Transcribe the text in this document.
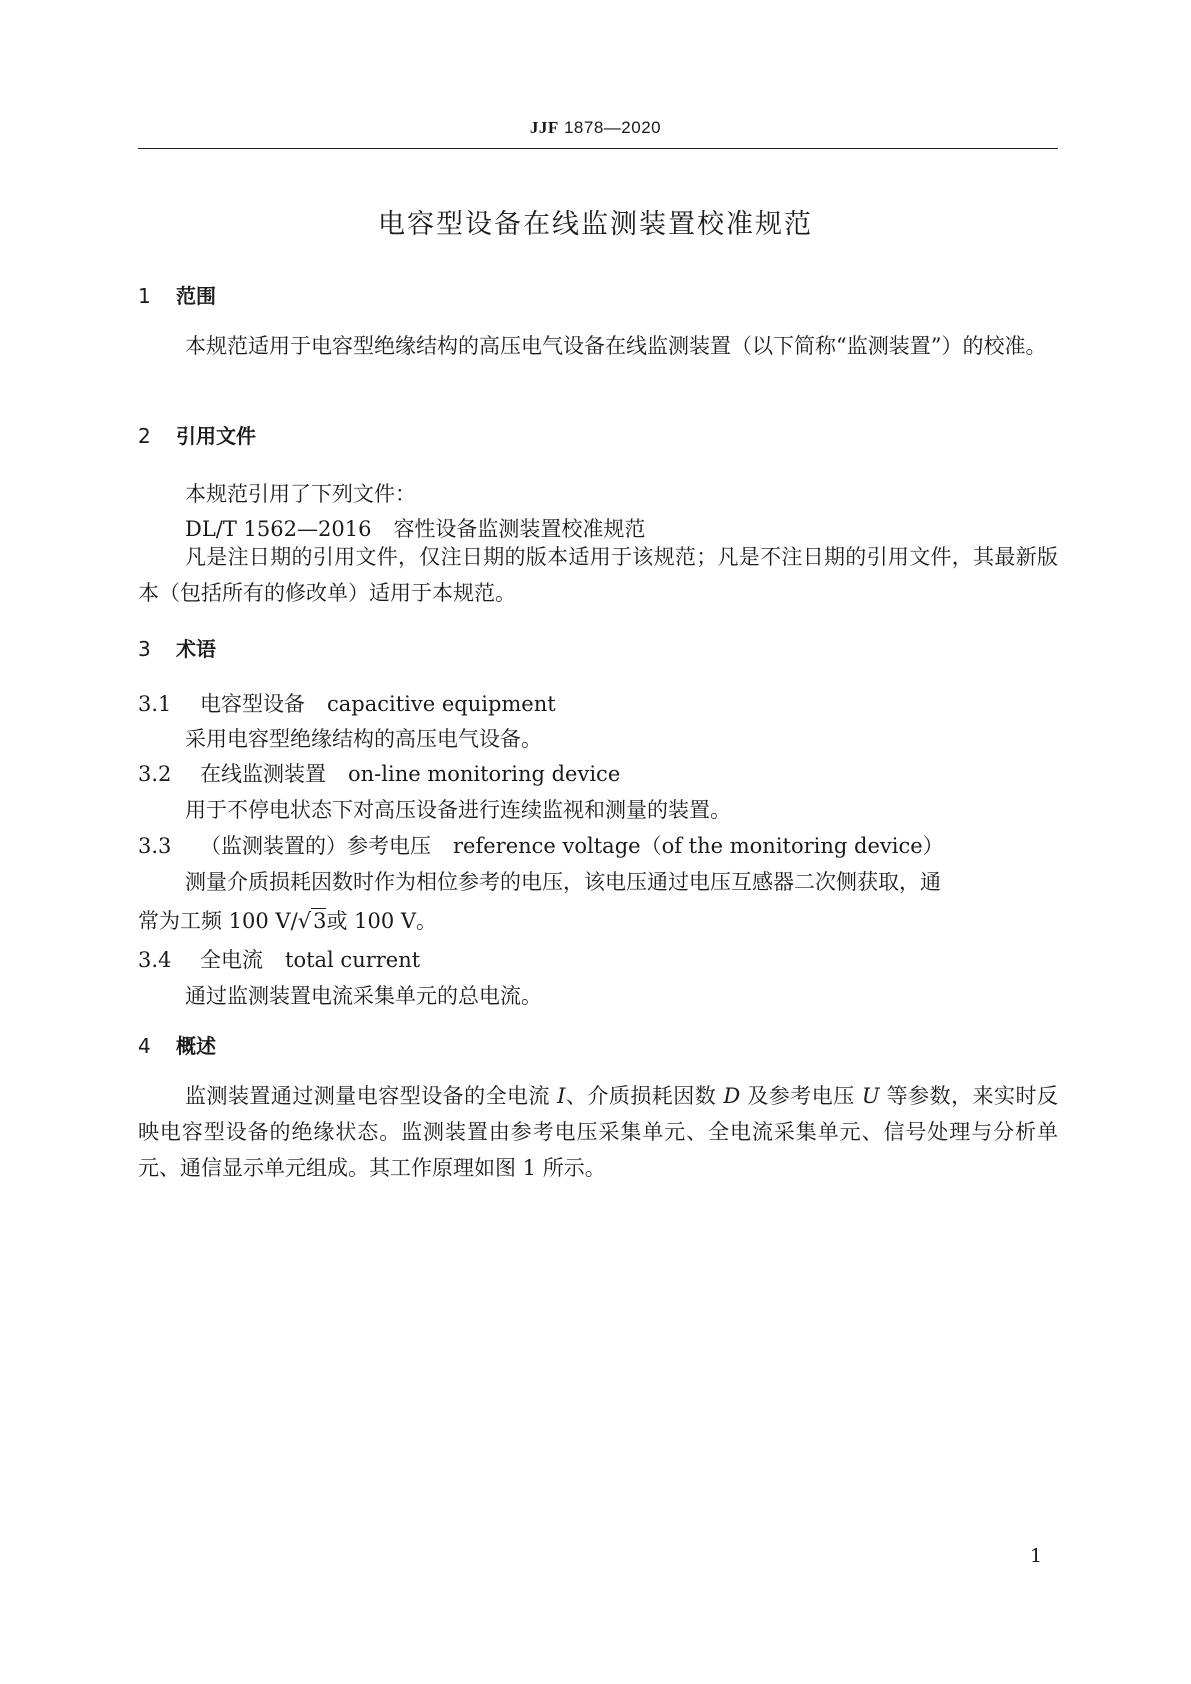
JJF 1878—2020
电容型设备在线监测装置校准规范
1 范围
本规范适用于电容型绝缘结构的高压电气设备在线监测装置（以下简称“监测装置”）的校准。
2 引用文件
本规范引用了下列文件：
DL/T 1562—2016 容性设备监测装置校准规范
凡是注日期的引用文件，仅注日期的版本适用于该规范；凡是不注日期的引用文件，其最新版本（包括所有的修改单）适用于本规范。
3 术语
3.1 电容型设备 capacitive equipment
采用电容型绝缘结构的高压电气设备。
3.2 在线监测装置 on-line monitoring device
用于不停电状态下对高压设备进行连续监视和测量的装置。
3.3 （监测装置的）参考电压 reference voltage（of the monitoring device）
测量介质损耗因数时作为相位参考的电压，该电压通过电压互感器二次侧获取，通
常为工频 100 V/√3或 100 V。
3.4 全电流 total current
通过监测装置电流采集单元的总电流。
4 概述
监测装置通过测量电容型设备的全电流 I、介质损耗因数 D 及参考电压 U 等参数，来实时反映电容型设备的绝缘状态。监测装置由参考电压采集单元、全电流采集单元、信号处理与分析单元、通信显示单元组成。其工作原理如图 1 所示。
1
